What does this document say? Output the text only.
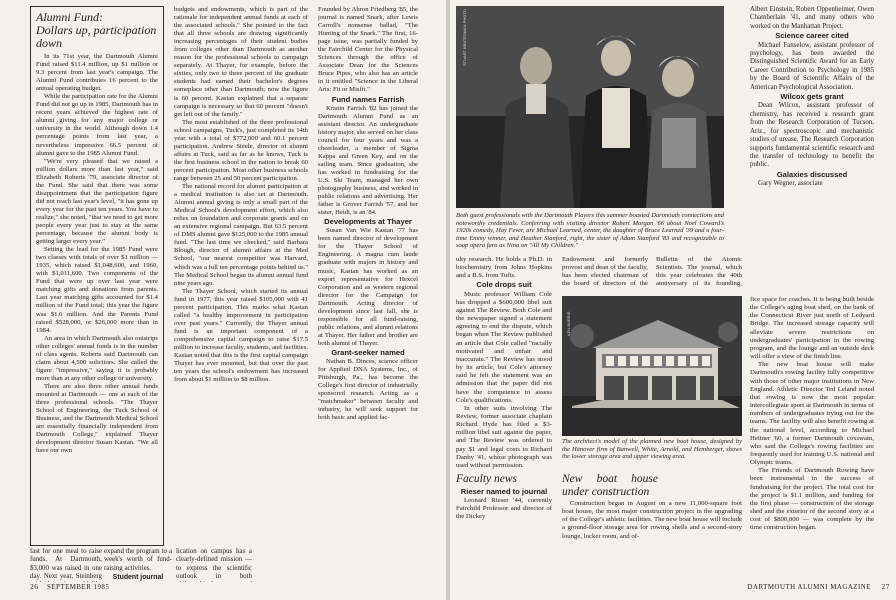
Alumni Fund:
Dollars up, participation down

In its 71st year, the Dartmouth Alumni Fund raised $11.4 million, up $1 million or 9.3 percent from last year's campaign. The Alumni Fund contributes 16 percent to the annual operating budget.

While the participation rate for the Alumni Fund did not go up in 1985, Dartmouth has in recent years achieved the highest rate of alumni giving for any major college or university in the world. Although down 1.4 percentage points from last year, a nevertheless impressive 66.5 percent of alumni gave to the 1985 Alumni Fund.

"We're very pleased that we raised a million dollars more than last year," said Elizabeth Roberts '79, associate director of the Fund. She said that there was some disappointment that the participation figure did not reach last year's level, "it has gone up every year for the past ten years. You have to realize," she noted, "that we need to get more people every year just to stay at the same percentage, because the alumni body is getting larger every year."

Setting the lead for the 1985 Fund were two classes with totals of over $1 million — 1935, which raised $1,048,600, and 1960, with $1,011,600. Two components of the Fund that were up over last year were matching gifts and donations from parents. Last year matching gifts accounted for $1.4 million of the Fund total; this year the figure was $1.6 million. And the Parents Fund raised $528,000, or $26,000 more than in 1984.

An area in which Dartmouth also outstrips other colleges' annual funds is in the number of class agents. Roberts said Dartmouth can claim about 4,500 solicitors. She called the figure "impressive," saying it is probably more than at any other college or university.

There are also three other annual funds mounted at Dartmouth — one at each of the three professional schools. "The Thayer School of Engineering, the Tuck School of Business, and the Dartmouth Medical School are essentially financially independent from Dartmouth College," explained Thayer development director Susan Kastan. "We all have our own

fast for one meal to raise funds. At Dartmouth, $3,000 was raised in one day. Next year, Steinberg

budgets and endowments, which is part of the rationale for independent annual funds at each of the associated schools." She pointed to the fact that all three schools are drawing significantly increasing percentages of their student bodies from colleges other than Dartmouth as another reason for the professional schools to campaign separately. At Thayer, for example, before the sixties, only two to three percent of the graduate students had earned their bachelor's degrees someplace other than Dartmouth; now the figure is 60 percent. Kastan explained that a separate campaign is necessary so that 60 percent "doesn't get left out of the family."

The most established of the three professional school campaigns, Tuck's, just completed its 14th year with a total of $772,000 and 60.1 percent participation. Andrew Steele, director of alumni affairs at Tuck, said as far as he knows, Tuck is the first business school in the nation to break 60 percent participation. Most other business schools range between 25 and 50 percent participation.

The national record for alumni participation at a medical institution is also set at Dartmouth. Alumni annual giving is only a small part of the Medical School's development effort, which also relies on foundation and corporate grants and on an extensive regional campaign. But 63.5 percent of DMS alumni gave $125,000 to the 1985 annual fund. "The last time we checked," said Barbara Blough, director of alumni affairs at the Med School, "our nearest competitor was Harvard, which was a full ten percentage points behind us." The Medical School began its alumni annual fund nine years ago.

The Thayer School, which started its annual fund in 1977, this year raised $105,000 with 41 percent participation. This marks what Kastan called "a healthy improvement in participation over past years." Currently, the Thayer annual fund is an important component of a comprehensive capital campaign to raise $17.5 million to increase faculty, students, and facilities. Kastan noted that this is the first capital campaign Thayer has ever mounted, but that over the past ten years the school's endowment has increased from about $1 million to $8 million.

expand the program to a week's worth of fund-raising activities.

Student journal

lication on campus has a clearly-defined mission — to express the scientific outlook in both

Founded by Ahron Friedberg '85, the journal is named Snark, after Lewis Carroll's nonsense ballad, "The Hunting of the Snark." The first, 16-page issue, was partially funded by the Fairchild Center for the Physical Sciences through the office of Associate Dean for the Sciences Bruce Pipes, who also has an article in it entitled "Science in the Liberal Arts: Fit or Misfit."

Fund names Farrish

Kristin Farrish '82 has joined the Dartmouth Alumni Fund as an assistant director. An undergraduate history major, she served on her class council for four years and was a cheerleader, a member of Sigma Kappa and Green Key, and on the sailing team. Since graduation, she has worked in fundraising for the U.S. Ski Team, managed her own photography business, and worked in public relations and advertising. Her father is Grover Farrish '57, and her sister, Heidi, is an '84.

Developments at Thayer

Susan Van Wie Kastan '77 has been named director of development for the Thayer School of Engineering. A magna cum laude graduate with majors in history and music, Kastan has worked as an export representative for Hexcel Corporation and as western regional director for the Campaign for Dartmouth. Acting director of development since last fall, she is responsible for all fund-raising, public relations, and alumni relations at Thayer. Her father and brother are both alumni of Thayer.

Grant-seeker named

Nathan B. Dinces, science officer for Applied DNA Systems, Inc., of Pittsburgh, Pa., has become the College's first director of industrially sponsored research. Acting as a "matchmaker" between faculty and industry, he will seek support for both basic and applied fac-

26 SEPTEMBER 1985
STUART BRATESMAN PHOTO
Both guest professionals with the Dartmouth Players this summer boasted Dartmouth connections and noteworthy credentials. Conferring with visiting director Robert Morgan '66 about Noel Coward's 1920s comedy, Hay Fever, are Michael Learned, center, the daughter of Bruce Learned '39 and a four-time Emmy winner, and Heather Stanford, right, the sister of Adam Stanford '83 and recognizable to soap opera fans as Nina on "All My Children."

Albert Einstein, Robert Oppenheimer, Owen Chamberlain '41, and many others who worked on the Manhattan Project.

Science career cited

Michael Fanselow, assistant professor of psychology, has been awarded the Distinguished Scientific Award for an Early Career Contribution to Psychology in 1985 by the Board of Scientific Affairs of the American Psychological Association.

Wilcox gets grant

Dean Wilcox, assistant professor of chemistry, has received a research grant from the Research Corporation of Tucson, Ariz., for spectroscopic and mechanistic studies of urease. The Research Corporation supports fundamental scientific research and the transfer of technology to benefit the public.

Galaxies discussed

Gary Wegner, associate

ulty research. He holds a Ph.D. in biochemistry from Johns Hopkins and a B.S. from Tufts.

Cole drops suit

Music professor William Cole has dropped a $600,000 libel suit against The Review. Both Cole and the newspaper signed a statement agreeing to end the dispute, which began when The Review published an article that Cole called "racially motivated and unfair and inaccurate." The Review has stood by its article, but Cole's attorney said he felt the statement was an admission that the paper did not have the competence to assess Cole's qualifications.

In other suits involving The Review, former associate chaplain Richard Hyde has filed a $3-million libel suit against the paper, and The Review was ordered to pay $1 and legal costs to Richard Danby '41, whose photograph was used without permission.

Faculty news
Rieser named to journal

Leonard Rieser '44, currently Fairchild Professor and director of the Dickey

Endowment and formerly provost and dean of the faculty, has been elected chairman of the board of directors of the Bulletin of the Atomic Scientists. The journal, which this year celebrates the 40th anniversary of its founding,

KEN BURRIS
The architect's model of the planned new boat house, designed by the Hanover firm of Banwell, White, Arnold, and Hemberger, shows the lower storage area and upper viewing area.
New boat house under construction

Construction began in August on a new 11,000-square foot boat house, the most major construction project in the upgrading of the College's athletic facilities. The new boat house will include a ground-floor storage area for rowing shells and a second-story lounge, locker room, and of-

fice space for coaches. It is being built beside the College's aging boat shed, on the bank of the Connecticut River just north of Ledyard Bridge. The increased storage capacity will alleviate severe restrictions on undergraduates' participation in the rowing program, and the lounge and an outside deck will offer a view of the finish line.

The new boat house will make Dartmouth's rowing facility fully competitive with those of other major institutions in New England. Athletic Director Ted Leland noted that rowing is now the most popular intercollegiate sport at Dartmouth in terms of numbers of undergraduates trying out for the teams. The facility will also benefit rowing at the national level, according to Michael Heitner '60, a former Dartmouth coxswain, who said the College's rowing facilities are frequently used for training U.S. national and Olympic teams.

The Friends of Dartmouth Rowing have been instrumental in the success of fundraising for the project. The total cost for the project is $1.1 million, and funding for the first phase — construction of the storage shed and the exterior of the second story at a cost of $800,000 — was complete by the time construction began.

DARTMOUTH ALUMNI MAGAZINE 27
